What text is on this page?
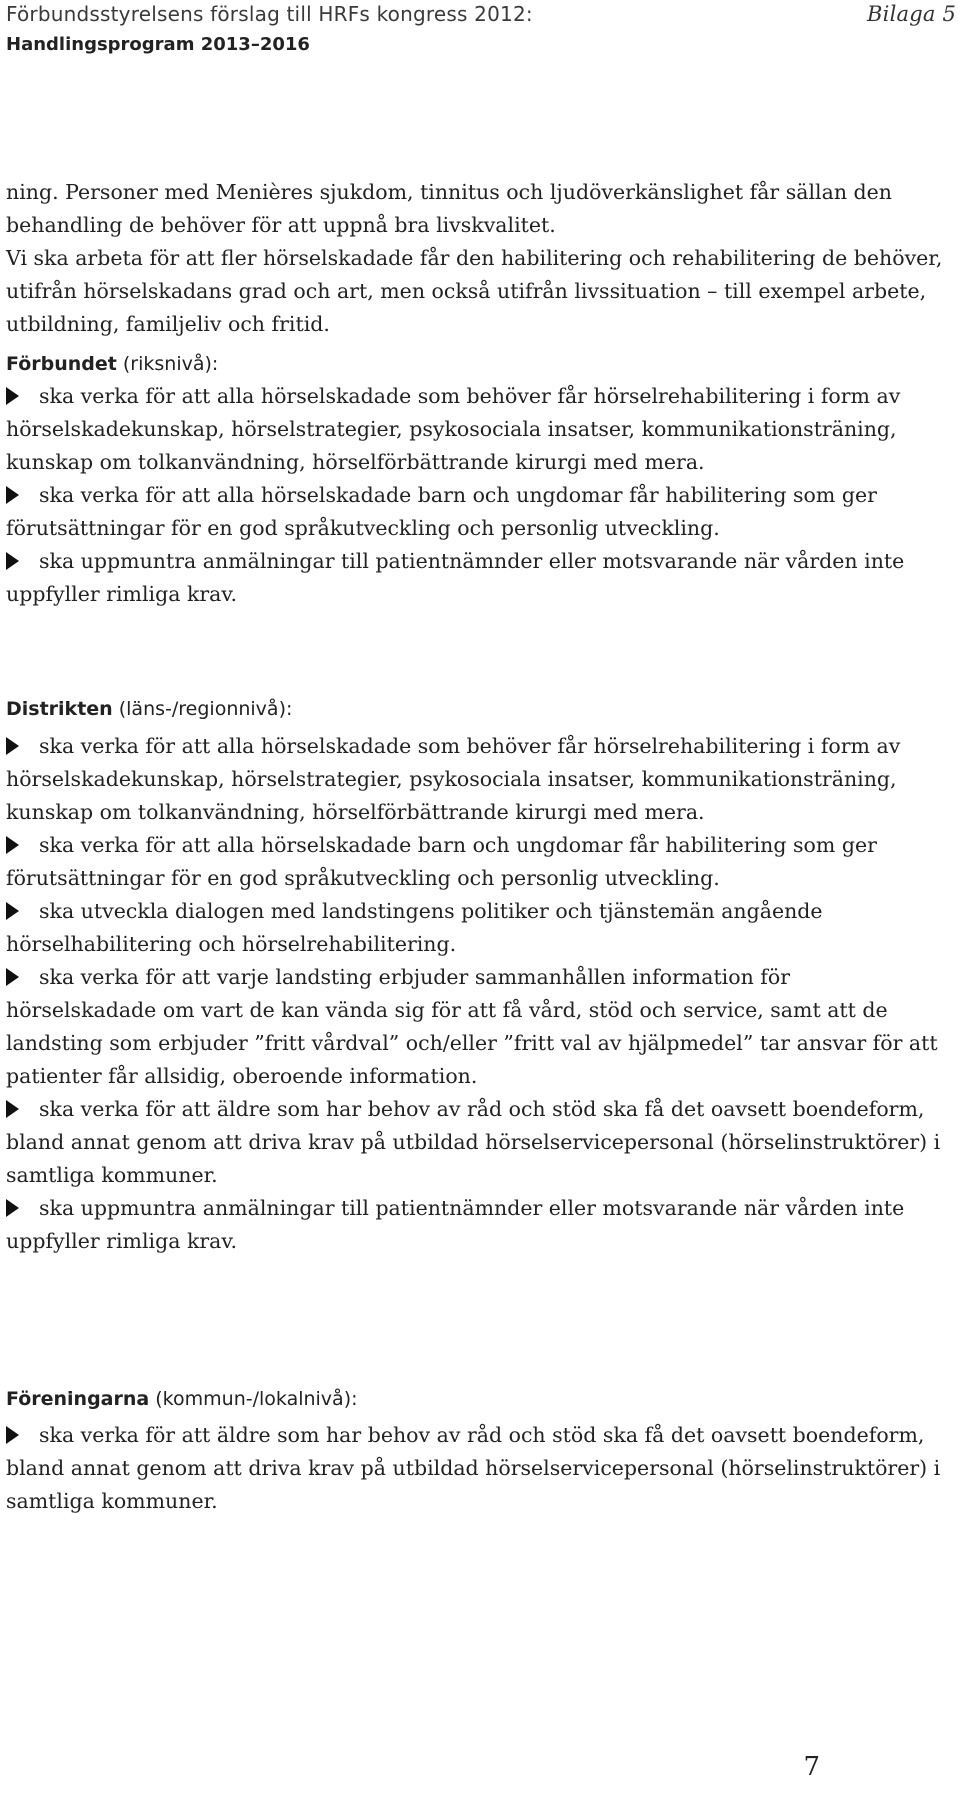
Förbundsstyrelsens förslag till HRFs kongress 2012:	Bilaga 5
Handlingsprogram 2013–2016

ning. Personer med Menières sjukdom, tinnitus och ljudöverkänslighet får sällan den behandling de behöver för att uppnå bra livskvalitet.

Vi ska arbeta för att fler hörselskadade får den habilitering och rehabilitering de behöver, utifrån hörselskadans grad och art, men också utifrån livssituation – till exempel arbete, utbildning, familjeliv och fritid.

Förbundet (riksnivå):
ska verka för att alla hörselskadade som behöver får hörselrehabilitering i form av hörselskadekunskap, hörselstrategier, psykosociala insatser, kommunikationsträning, kunskap om tolkanvändning, hörselförbättrande kirurgi med mera.
ska verka för att alla hörselskadade barn och ungdomar får habilitering som ger förutsättningar för en god språkutveckling och personlig utveckling.
ska uppmuntra anmälningar till patientnämnder eller motsvarande när vården inte uppfyller rimliga krav.
Distrikten (läns-/regionnivå):
ska verka för att alla hörselskadade som behöver får hörselrehabilitering i form av hörselskadekunskap, hörselstrategier, psykosociala insatser, kommunikationsträning, kunskap om tolkanvändning, hörselförbättrande kirurgi med mera.
ska verka för att alla hörselskadade barn och ungdomar får habilitering som ger förutsättningar för en god språkutveckling och personlig utveckling.
ska utveckla dialogen med landstingens politiker och tjänstemän angående hörselhabilitering och hörselrehabilitering.
ska verka för att varje landsting erbjuder sammanhållen information för hörselskadade om vart de kan vända sig för att få vård, stöd och service, samt att de landsting som erbjuder ”fritt vårdval” och/eller ”fritt val av hjälpmedel” tar ansvar för att patienter får allsidig, oberoende information.
ska verka för att äldre som har behov av råd och stöd ska få det oavsett boendeform, bland annat genom att driva krav på utbildad hörselservicepersonal (hörselinstruktörer) i samtliga kommuner.
ska uppmuntra anmälningar till patientnämnder eller motsvarande när vården inte uppfyller rimliga krav.
Föreningarna (kommun-/lokalnivå):
ska verka för att äldre som har behov av råd och stöd ska få det oavsett boendeform, bland annat genom att driva krav på utbildad hörselservicepersonal (hörselinstruktörer) i samtliga kommuner.
7
